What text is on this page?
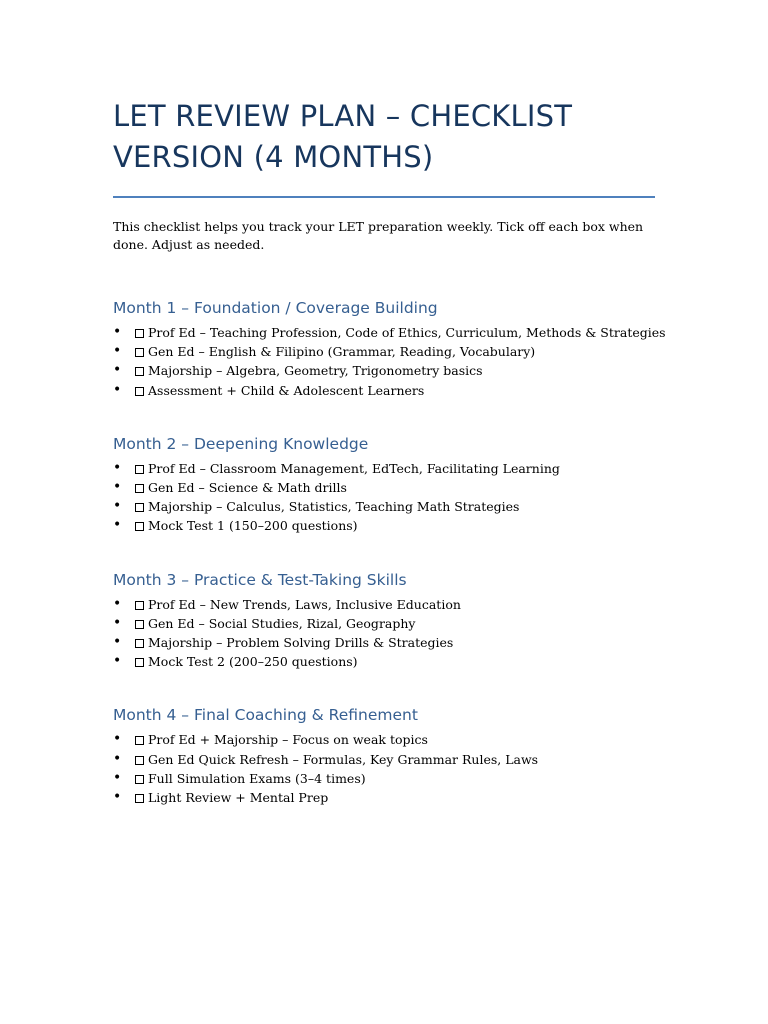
LET REVIEW PLAN – CHECKLIST VERSION (4 MONTHS)

This checklist helps you track your LET preparation weekly. Tick off each box when done. Adjust as needed.

Month 1 – Foundation / Coverage Building
• Prof Ed – Teaching Profession, Code of Ethics, Curriculum, Methods & Strategies
• Gen Ed – English & Filipino (Grammar, Reading, Vocabulary)
• Majorship – Algebra, Geometry, Trigonometry basics
• Assessment + Child & Adolescent Learners
Month 2 – Deepening Knowledge
• Prof Ed – Classroom Management, EdTech, Facilitating Learning
• Gen Ed – Science & Math drills
• Majorship – Calculus, Statistics, Teaching Math Strategies
• Mock Test 1 (150–200 questions)
Month 3 – Practice & Test-Taking Skills
• Prof Ed – New Trends, Laws, Inclusive Education
• Gen Ed – Social Studies, Rizal, Geography
• Majorship – Problem Solving Drills & Strategies
• Mock Test 2 (200–250 questions)
Month 4 – Final Coaching & Refinement
• Prof Ed + Majorship – Focus on weak topics
• Gen Ed Quick Refresh – Formulas, Key Grammar Rules, Laws
• Full Simulation Exams (3–4 times)
• Light Review + Mental Prep
